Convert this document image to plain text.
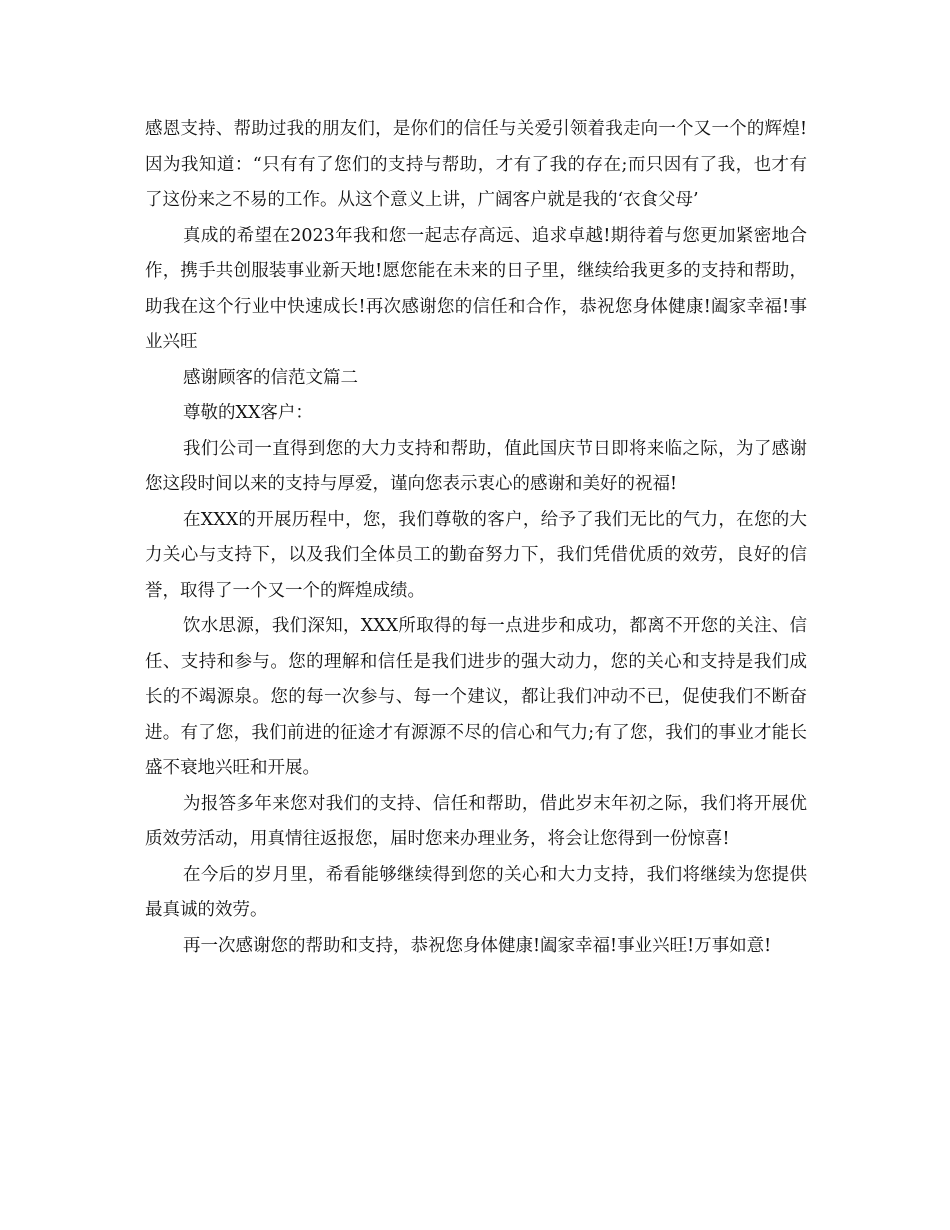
感恩支持、帮助过我的朋友们，是你们的信任与关爱引领着我走向一个又一个的辉煌!因为我知道：“只有有了您们的支持与帮助，才有了我的存在;而只因有了我，也才有了这份来之不易的工作。从这个意义上讲，广阔客户就是我的‘衣食父母’

真成的希望在2023年我和您一起志存高远、追求卓越!期待着与您更加紧密地合作，携手共创服装事业新天地!愿您能在未来的日子里，继续给我更多的支持和帮助，助我在这个行业中快速成长!再次感谢您的信任和合作，恭祝您身体健康!阖家幸福!事业兴旺

感谢顾客的信范文篇二

尊敬的XX客户：

我们公司一直得到您的大力支持和帮助，值此国庆节日即将来临之际，为了感谢您这段时间以来的支持与厚爱，谨向您表示衷心的感谢和美好的祝福!

在XXX的开展历程中，您，我们尊敬的客户，给予了我们无比的气力，在您的大力关心与支持下，以及我们全体员工的勤奋努力下，我们凭借优质的效劳，良好的信誉，取得了一个又一个的辉煌成绩。

饮水思源，我们深知，XXX所取得的每一点进步和成功，都离不开您的关注、信任、支持和参与。您的理解和信任是我们进步的强大动力，您的关心和支持是我们成长的不竭源泉。您的每一次参与、每一个建议，都让我们冲动不已，促使我们不断奋进。有了您，我们前进的征途才有源源不尽的信心和气力;有了您，我们的事业才能长盛不衰地兴旺和开展。

为报答多年来您对我们的支持、信任和帮助，借此岁末年初之际，我们将开展优质效劳活动，用真情往返报您，届时您来办理业务，将会让您得到一份惊喜!

在今后的岁月里，希看能够继续得到您的关心和大力支持，我们将继续为您提供最真诚的效劳。

再一次感谢您的帮助和支持，恭祝您身体健康!阖家幸福!事业兴旺!万事如意!
